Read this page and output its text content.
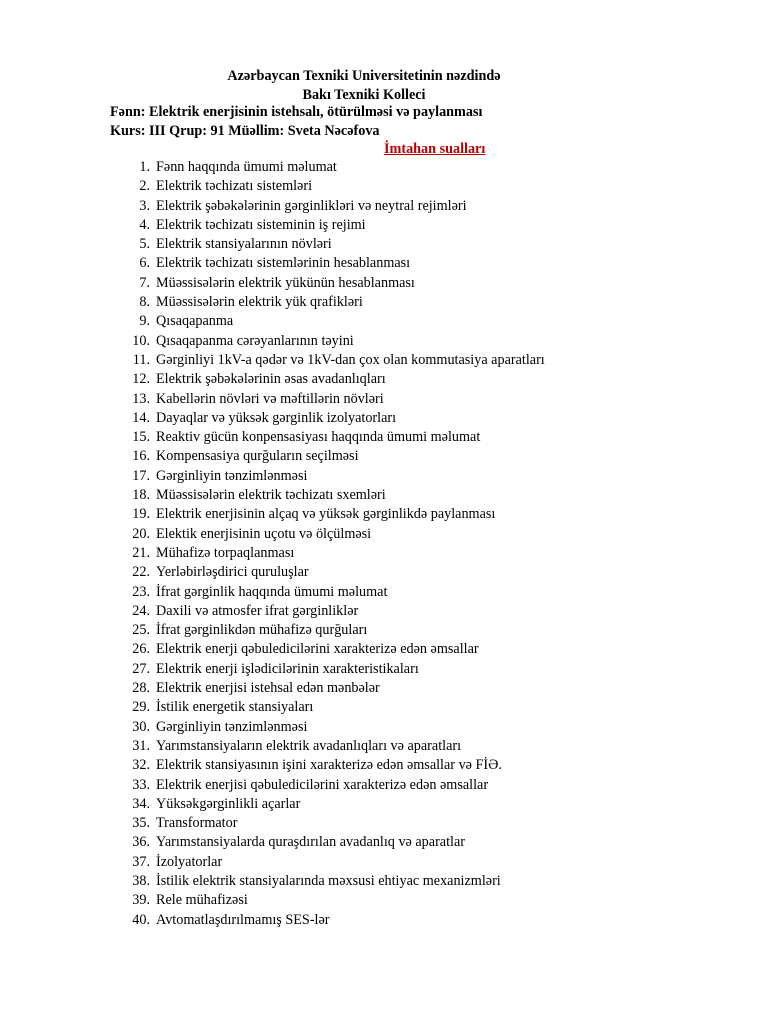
Azərbaycan Texniki Universitetinin nəzdində
Bakı Texniki Kolleci
Fənn: Elektrik enerjisinin istehsalı, ötürülməsi və paylanması
Kurs: III Qrup: 91 Müəllim: Sveta Nəcəfova
İmtahan sualları
1. Fənn haqqında ümumi məlumat
2. Elektrik təchizatı sistemləri
3. Elektrik şəbəkələrinin gərginlikləri və neytral rejimləri
4. Elektrik təchizatı sisteminin iş rejimi
5. Elektrik stansiyalarının növləri
6. Elektrik təchizatı sistemlərinin hesablanması
7. Müəssisələrin elektrik yükünün hesablanması
8. Müəssisələrin elektrik yük qrafikləri
9. Qısaqapanma
10. Qısaqapanma cərəyanlarının təyini
11. Gərginliyi 1kV-a qədər və 1kV-dan çox olan kommutasiya aparatları
12. Elektrik şəbəkələrinin əsas avadanlıqları
13. Kabellərin növləri və məftillərin növləri
14. Dayaqlar və yüksək gərginlik izolyatorları
15. Reaktiv gücün konpensasiyası haqqında ümumi məlumat
16. Kompensasiya qurğuların seçilməsi
17. Gərginliyin tənzimlənməsi
18. Müəssisələrin elektrik təchizatı sxemləri
19. Elektrik enerjisinin alçaq və yüksək gərginlikdə paylanması
20. Elektik enerjisinin uçotu və ölçülməsi
21. Mühafizə torpaqlanması
22. Yerləbirləşdirici quruluşlar
23. İfrat gərginlik haqqında ümumi məlumat
24. Daxili və atmosfer ifrat gərginliklər
25. İfrat gərginlikdən mühafizə qurğuları
26. Elektrik enerji qəbuledicilərini xarakterizə edən əmsallar
27. Elektrik enerji işlədicilərinin xarakteristikaları
28. Elektrik enerjisi istehsal edən mənbələr
29. İstilik energetik stansiyaları
30. Gərginliyin tənzimlənməsi
31. Yarımstansiyaların elektrik avadanlıqları və aparatları
32. Elektrik stansiyasının işini xarakterizə edən əmsallar və FİƏ.
33. Elektrik enerjisi qəbuledicilərini xarakterizə edən əmsallar
34. Yüksəkgərginlikli açarlar
35. Transformator
36. Yarımstansiyalarda quraşdırılan avadanlıq və aparatlar
37. İzolyatorlar
38. İstilik elektrik stansiyalarında məxsusi ehtiyac mexanizmləri
39. Rele mühafizəsi
40. Avtomatlaşdırılmamış SES-lər
